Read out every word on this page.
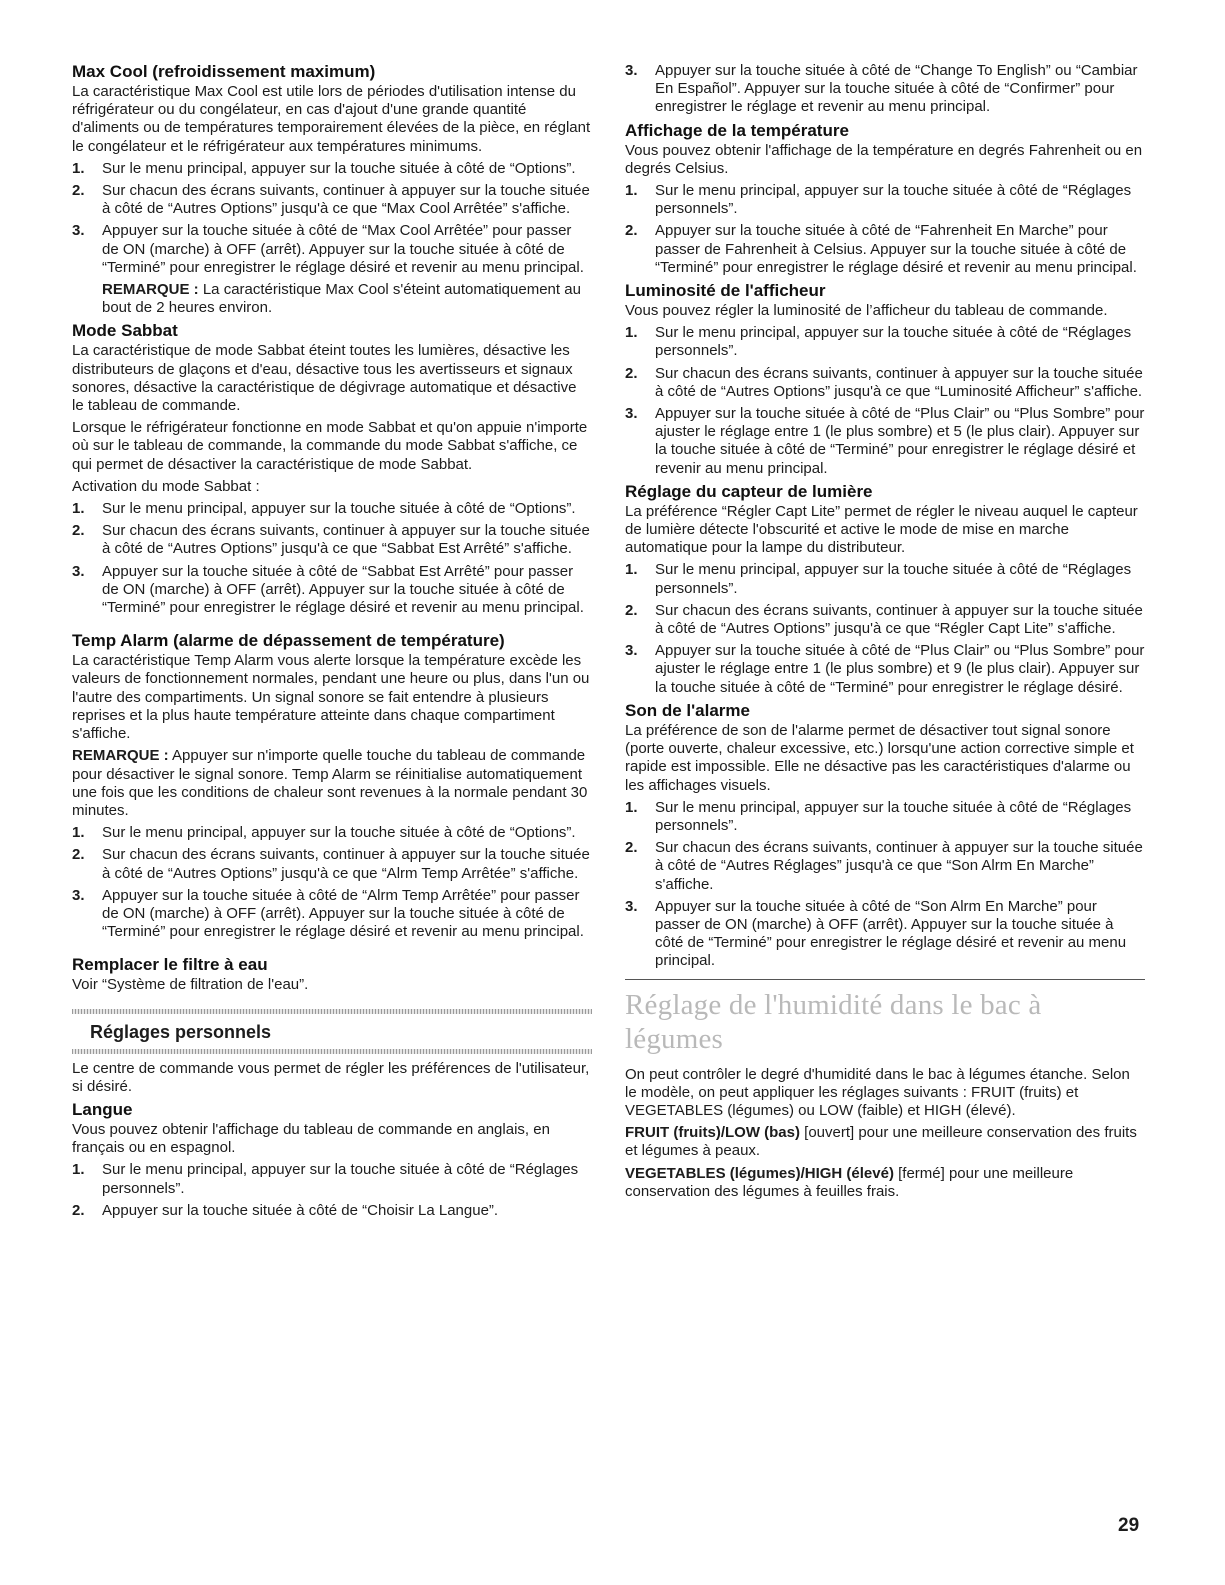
Max Cool (refroidissement maximum)

La caractéristique Max Cool est utile lors de périodes d'utilisation intense du réfrigérateur ou du congélateur, en cas d'ajout d'une grande quantité d'aliments ou de températures temporairement élevées de la pièce, en réglant le congélateur et le réfrigérateur aux températures minimums.

1. Sur le menu principal, appuyer sur la touche située à côté de “Options”.
2. Sur chacun des écrans suivants, continuer à appuyer sur la touche située à côté de “Autres Options” jusqu'à ce que “Max Cool Arrêtée” s'affiche.
3. Appuyer sur la touche située à côté de “Max Cool Arrêtée” pour passer de ON (marche) à OFF (arrêt). Appuyer sur la touche située à côté de “Terminé” pour enregistrer le réglage désiré et revenir au menu principal.

REMARQUE : La caractéristique Max Cool s'éteint automatiquement au bout de 2 heures environ.

Mode Sabbat

La caractéristique de mode Sabbat éteint toutes les lumières, désactive les distributeurs de glaçons et d'eau, désactive tous les avertisseurs et signaux sonores, désactive la caractéristique de dégivrage automatique et désactive le tableau de commande.

Lorsque le réfrigérateur fonctionne en mode Sabbat et qu'on appuie n'importe où sur le tableau de commande, la commande du mode Sabbat s'affiche, ce qui permet de désactiver la caractéristique de mode Sabbat.

Activation du mode Sabbat :

1. Sur le menu principal, appuyer sur la touche située à côté de “Options”.
2. Sur chacun des écrans suivants, continuer à appuyer sur la touche située à côté de “Autres Options” jusqu'à ce que “Sabbat Est Arrêté” s'affiche.
3. Appuyer sur la touche située à côté de “Sabbat Est Arrêté” pour passer de ON (marche) à OFF (arrêt). Appuyer sur la touche située à côté de “Terminé” pour enregistrer le réglage désiré et revenir au menu principal.
Temp Alarm (alarme de dépassement de température)

La caractéristique Temp Alarm vous alerte lorsque la température excède les valeurs de fonctionnement normales, pendant une heure ou plus, dans l'un ou l'autre des compartiments. Un signal sonore se fait entendre à plusieurs reprises et la plus haute température atteinte dans chaque compartiment s'affiche.

REMARQUE : Appuyer sur n'importe quelle touche du tableau de commande pour désactiver le signal sonore. Temp Alarm se réinitialise automatiquement une fois que les conditions de chaleur sont revenues à la normale pendant 30 minutes.

1. Sur le menu principal, appuyer sur la touche située à côté de “Options”.
2. Sur chacun des écrans suivants, continuer à appuyer sur la touche située à côté de “Autres Options” jusqu'à ce que “Alrm Temp Arrêtée” s'affiche.
3. Appuyer sur la touche située à côté de “Alrm Temp Arrêtée” pour passer de ON (marche) à OFF (arrêt). Appuyer sur la touche située à côté de “Terminé” pour enregistrer le réglage désiré et revenir au menu principal.
Remplacer le filtre à eau

Voir “Système de filtration de l'eau”.

Réglages personnels

Le centre de commande vous permet de régler les préférences de l'utilisateur, si désiré.

Langue

Vous pouvez obtenir l'affichage du tableau de commande en anglais, en français ou en espagnol.

1. Sur le menu principal, appuyer sur la touche située à côté de “Réglages personnels”.
2. Appuyer sur la touche située à côté de “Choisir La Langue”.
3. Appuyer sur la touche située à côté de “Change To English” ou “Cambiar En Español”. Appuyer sur la touche située à côté de “Confirmer” pour enregistrer le réglage et revenir au menu principal.
Affichage de la température

Vous pouvez obtenir l'affichage de la température en degrés Fahrenheit ou en degrés Celsius.

1. Sur le menu principal, appuyer sur la touche située à côté de “Réglages personnels”.
2. Appuyer sur la touche située à côté de “Fahrenheit En Marche” pour passer de Fahrenheit à Celsius. Appuyer sur la touche située à côté de “Terminé” pour enregistrer le réglage désiré et revenir au menu principal.
Luminosité de l'afficheur

Vous pouvez régler la luminosité de l’afficheur du tableau de commande.

1. Sur le menu principal, appuyer sur la touche située à côté de “Réglages personnels”.
2. Sur chacun des écrans suivants, continuer à appuyer sur la touche située à côté de “Autres Options” jusqu'à ce que “Luminosité Afficheur” s'affiche.
3. Appuyer sur la touche située à côté de “Plus Clair” ou “Plus Sombre” pour ajuster le réglage entre 1 (le plus sombre) et 5 (le plus clair). Appuyer sur la touche située à côté de “Terminé” pour enregistrer le réglage désiré et revenir au menu principal.
Réglage du capteur de lumière

La préférence “Régler Capt Lite” permet de régler le niveau auquel le capteur de lumière détecte l'obscurité et active le mode de mise en marche automatique pour la lampe du distributeur.

1. Sur le menu principal, appuyer sur la touche située à côté de “Réglages personnels”.
2. Sur chacun des écrans suivants, continuer à appuyer sur la touche située à côté de “Autres Options” jusqu'à ce que “Régler Capt Lite” s'affiche.
3. Appuyer sur la touche située à côté de “Plus Clair” ou “Plus Sombre” pour ajuster le réglage entre 1 (le plus sombre) et 9 (le plus clair). Appuyer sur la touche située à côté de “Terminé” pour enregistrer le réglage désiré.
Son de l'alarme

La préférence de son de l'alarme permet de désactiver tout signal sonore (porte ouverte, chaleur excessive, etc.) lorsqu'une action corrective simple et rapide est impossible. Elle ne désactive pas les caractéristiques d'alarme ou les affichages visuels.

1. Sur le menu principal, appuyer sur la touche située à côté de “Réglages personnels”.
2. Sur chacun des écrans suivants, continuer à appuyer sur la touche située à côté de “Autres Réglages” jusqu'à ce que “Son Alrm En Marche” s'affiche.
3. Appuyer sur la touche située à côté de “Son Alrm En Marche” pour passer de ON (marche) à OFF (arrêt). Appuyer sur la touche située à côté de “Terminé” pour enregistrer le réglage désiré et revenir au menu principal.
Réglage de l'humidité dans le bac à légumes

On peut contrôler le degré d'humidité dans le bac à légumes étanche. Selon le modèle, on peut appliquer les réglages suivants : FRUIT (fruits) et VEGETABLES (légumes) ou LOW (faible) et HIGH (élevé).

FRUIT (fruits)/LOW (bas) [ouvert] pour une meilleure conservation des fruits et légumes à peaux.

VEGETABLES (légumes)/HIGH (élevé) [fermé] pour une meilleure conservation des légumes à feuilles frais.

29
